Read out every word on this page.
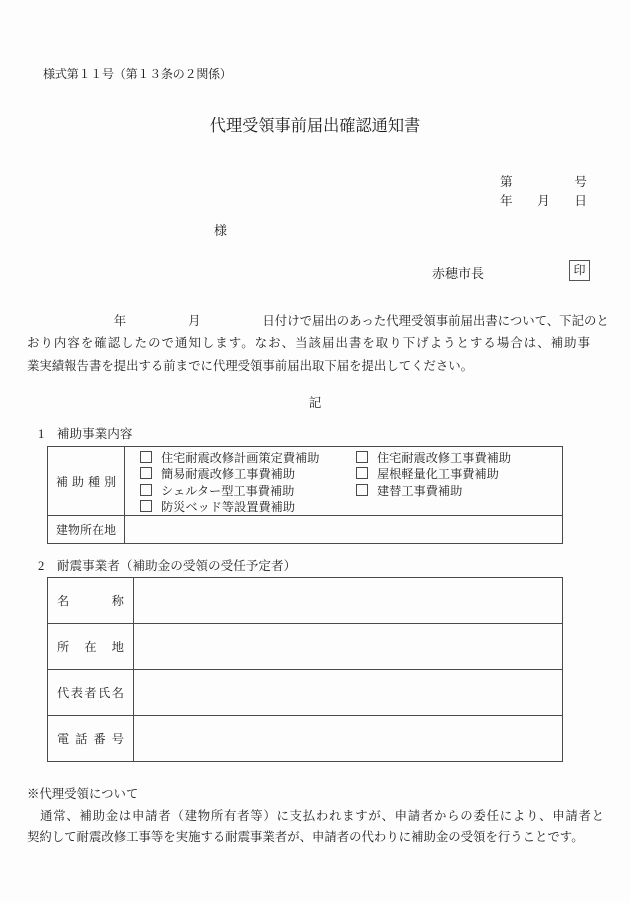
様式第１１号（第１３条の２関係）
代理受領事前届出確認通知書
第	号
年 月 日
様
赤穂市長	印
　　　　　　　年　　　　　月　　　　　日付けで届出のあった代理受領事前届出書について、下記のと
おり内容を確認したので通知します。なお、当該届出書を取り下げようとする場合は、補助事
業実績報告書を提出する前までに代理受領事前届出取下届を提出してください。
記
1　補助事業内容
補助種別

住宅耐震改修計画策定費補助	住宅耐震改修工事費補助
簡易耐震改修工事費補助	屋根軽量化工事費補助
シェルター型工事費補助	建替工事費補助
防災ベッド等設置費補助

建物所在地	

2　耐震事業者（補助金の受領の受任予定者）
名称	

所在地	

代表者氏名	

電話番号	

※代理受領について
　通常、補助金は申請者（建物所有者等）に支払われますが、申請者からの委任により、申請者と
契約して耐震改修工事等を実施する耐震事業者が、申請者の代わりに補助金の受領を行うことです。
